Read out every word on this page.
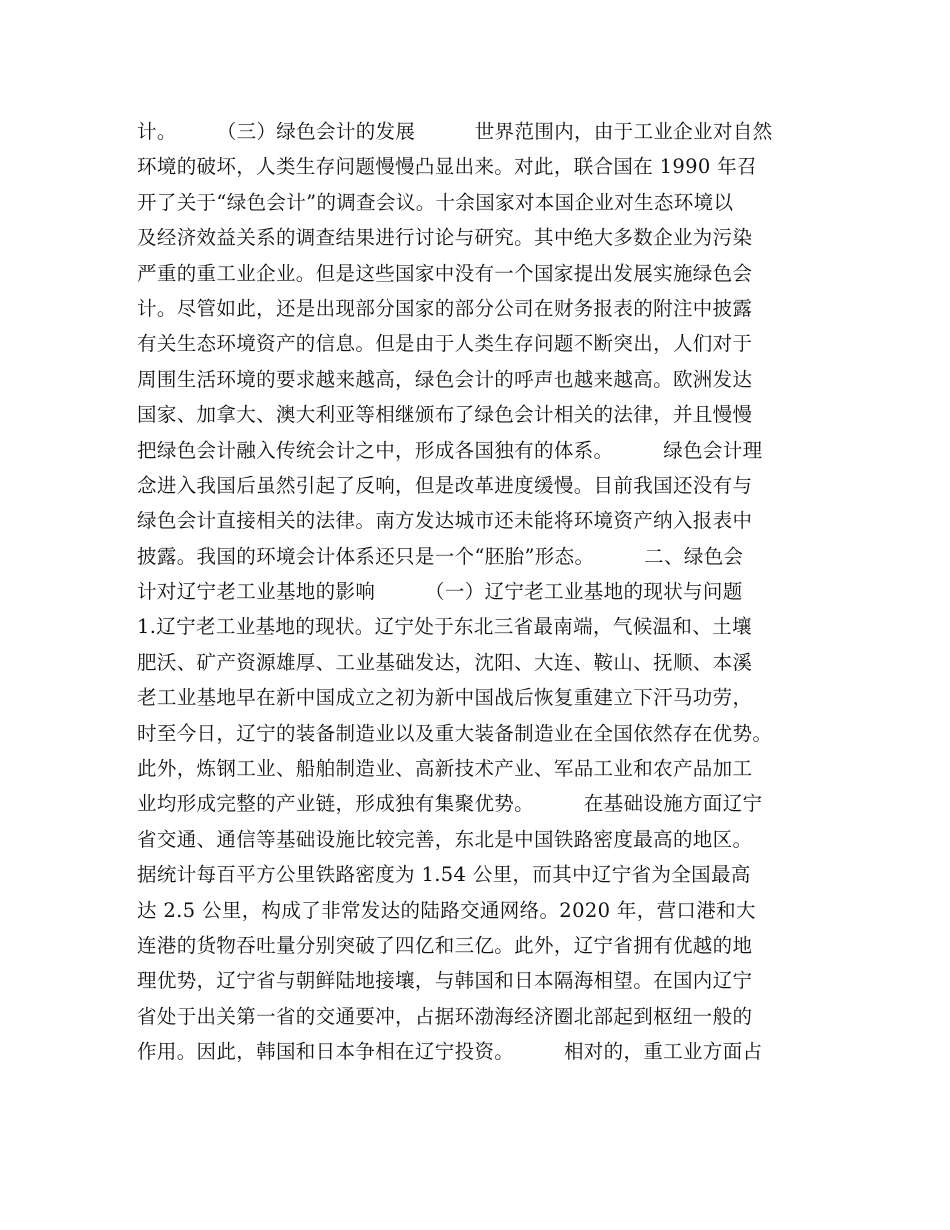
计。　　　（三）绿色会计的发展　　　世界范围内，由于工业企业对自然
环境的破坏，人类生存问题慢慢凸显出来。对此，联合国在 1990 年召
开了关于“绿色会计”的调查会议。十余国家对本国企业对生态环境以
及经济效益关系的调查结果进行讨论与研究。其中绝大多数企业为污染
严重的重工业企业。但是这些国家中没有一个国家提出发展实施绿色会
计。尽管如此，还是出现部分国家的部分公司在财务报表的附注中披露
有关生态环境资产的信息。但是由于人类生存问题不断突出，人们对于
周围生活环境的要求越来越高，绿色会计的呼声也越来越高。欧洲发达
国家、加拿大、澳大利亚等相继颁布了绿色会计相关的法律，并且慢慢
把绿色会计融入传统会计之中，形成各国独有的体系。　　　绿色会计理
念进入我国后虽然引起了反响，但是改革进度缓慢。目前我国还没有与
绿色会计直接相关的法律。南方发达城市还未能将环境资产纳入报表中
披露。我国的环境会计体系还只是一个“胚胎”形态。　　　二、绿色会
计对辽宁老工业基地的影响　　　（一）辽宁老工业基地的现状与问题
1.辽宁老工业基地的现状。辽宁处于东北三省最南端，气候温和、土壤
肥沃、矿产资源雄厚、工业基础发达，沈阳、大连、鞍山、抚顺、本溪
老工业基地早在新中国成立之初为新中国战后恢复重建立下汗马功劳，
时至今日，辽宁的装备制造业以及重大装备制造业在全国依然存在优势。
此外，炼钢工业、船舶制造业、高新技术产业、军品工业和农产品加工
业均形成完整的产业链，形成独有集聚优势。　　　在基础设施方面辽宁
省交通、通信等基础设施比较完善，东北是中国铁路密度最高的地区。
据统计每百平方公里铁路密度为 1.54 公里，而其中辽宁省为全国最高
达 2.5 公里，构成了非常发达的陆路交通网络。2020 年，营口港和大
连港的货物吞吐量分别突破了四亿和三亿。此外，辽宁省拥有优越的地
理优势，辽宁省与朝鲜陆地接壤，与韩国和日本隔海相望。在国内辽宁
省处于出关第一省的交通要冲，占据环渤海经济圈北部起到枢纽一般的
作用。因此，韩国和日本争相在辽宁投资。　　　相对的，重工业方面占
